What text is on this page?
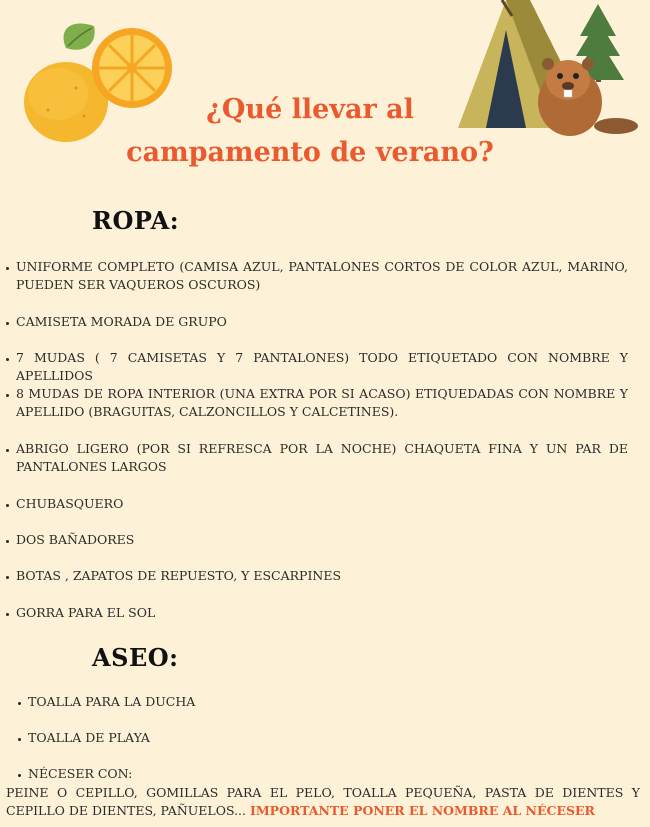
¿Qué llevar al
campamento de verano?
ROPA:
UNIFORME COMPLETO (CAMISA AZUL, PANTALONES CORTOS DE COLOR AZUL, MARINO, PUEDEN SER VAQUEROS OSCUROS)
CAMISETA MORADA DE GRUPO
7 MUDAS ( 7 CAMISETAS Y 7 PANTALONES) TODO ETIQUETADO CON NOMBRE Y APELLIDOS
8 MUDAS DE ROPA INTERIOR (UNA EXTRA POR SI ACASO) ETIQUEDADAS CON NOMBRE Y APELLIDO (BRAGUITAS, CALZONCILLOS Y CALCETINES).
ABRIGO LIGERO (POR SI REFRESCA POR LA NOCHE) CHAQUETA FINA Y UN PAR DE PANTALONES LARGOS
CHUBASQUERO
DOS BAÑADORES
BOTAS , ZAPATOS DE REPUESTO, Y ESCARPINES
GORRA PARA EL SOL
ASEO:
TOALLA PARA LA DUCHA
TOALLA DE PLAYA
NÉCESER CON:
PEINE O CEPILLO, GOMILLAS PARA EL PELO, TOALLA PEQUEÑA, PASTA DE DIENTES Y CEPILLO DE DIENTES, PAÑUELOS... IMPORTANTE PONER EL NOMBRE AL NÉCESER
